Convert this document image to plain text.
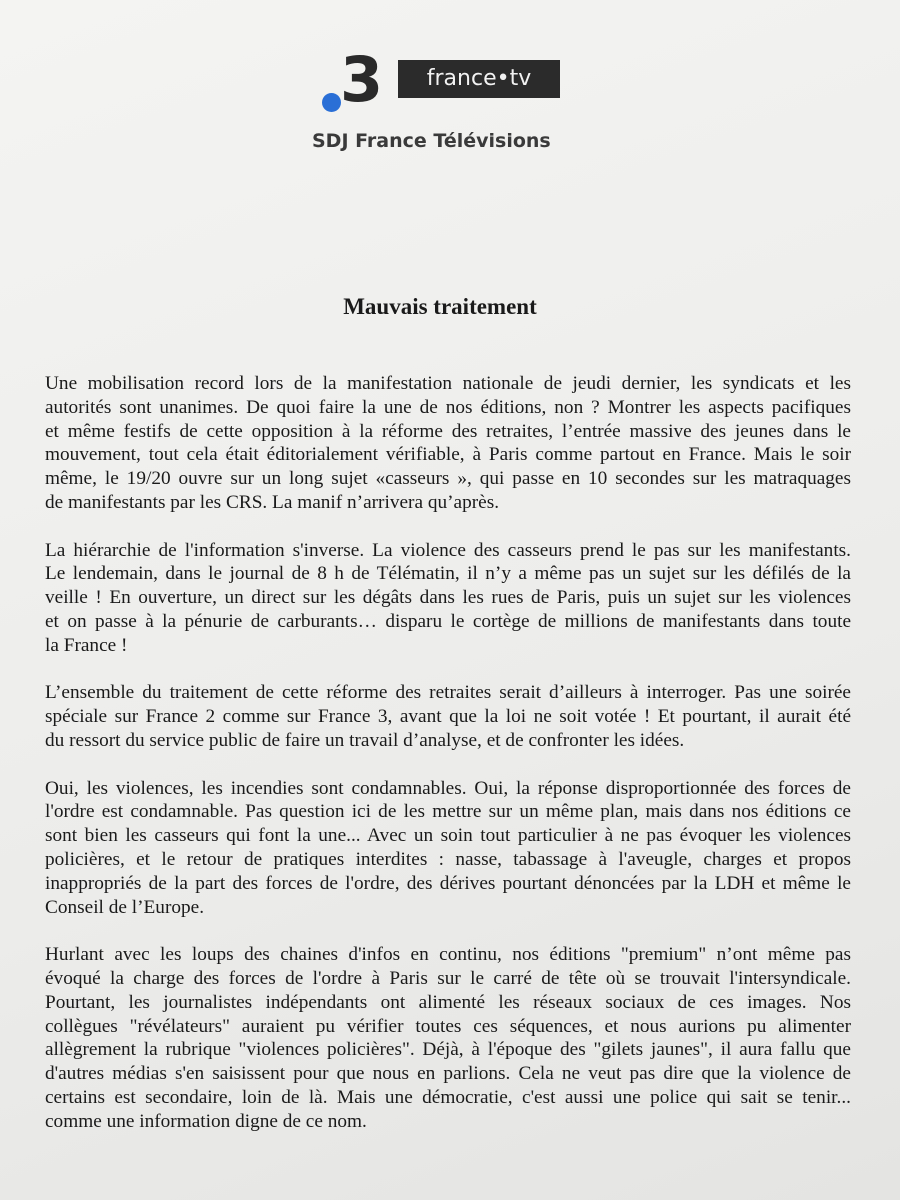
3	france•tv
SDJ France Télévisions
Mauvais traitement
Une mobilisation record lors de la manifestation nationale de jeudi dernier, les syndicats et les
autorités sont unanimes. De quoi faire la une de nos éditions, non ? Montrer les aspects pacifiques
et même festifs de cette opposition à la réforme des retraites, l’entrée massive des jeunes dans le
mouvement, tout cela était éditorialement vérifiable, à Paris comme partout en France. Mais le soir
même, le 19/20 ouvre sur un long sujet «casseurs », qui passe en 10 secondes sur les matraquages
de manifestants par les CRS. La manif n’arrivera qu’après.
La hiérarchie de l'information s'inverse. La violence des casseurs prend le pas sur les manifestants.
Le lendemain, dans le journal de 8 h de Télématin, il n’y a même pas un sujet sur les défilés de la
veille ! En ouverture, un direct sur les dégâts dans les rues de Paris, puis un sujet sur les violences
et on passe à la pénurie de carburants… disparu le cortège de millions de manifestants dans toute
la France !
L’ensemble du traitement de cette réforme des retraites serait d’ailleurs à interroger. Pas une soirée
spéciale sur France 2 comme sur France 3, avant que la loi ne soit votée ! Et pourtant, il aurait été
du ressort du service public de faire un travail d’analyse, et de confronter les idées.
Oui, les violences, les incendies sont condamnables. Oui, la réponse disproportionnée des forces de
l'ordre est condamnable. Pas question ici de les mettre sur un même plan, mais dans nos éditions ce
sont bien les casseurs qui font la une... Avec un soin tout particulier à ne pas évoquer les violences
policières, et le retour de pratiques interdites : nasse, tabassage à l'aveugle, charges et propos
inappropriés de la part des forces de l'ordre, des dérives pourtant dénoncées par la LDH et même le
Conseil de l’Europe.
Hurlant avec les loups des chaines d'infos en continu, nos éditions "premium" n’ont même pas
évoqué la charge des forces de l'ordre à Paris sur le carré de tête où se trouvait l'intersyndicale.
Pourtant, les journalistes indépendants ont alimenté les réseaux sociaux de ces images. Nos
collègues "révélateurs" auraient pu vérifier toutes ces séquences, et nous aurions pu alimenter
allègrement la rubrique "violences policières". Déjà, à l'époque des "gilets jaunes", il aura fallu que
d'autres médias s'en saisissent pour que nous en parlions. Cela ne veut pas dire que la violence de
certains est secondaire, loin de là. Mais une démocratie, c'est aussi une police qui sait se tenir...
comme une information digne de ce nom.
